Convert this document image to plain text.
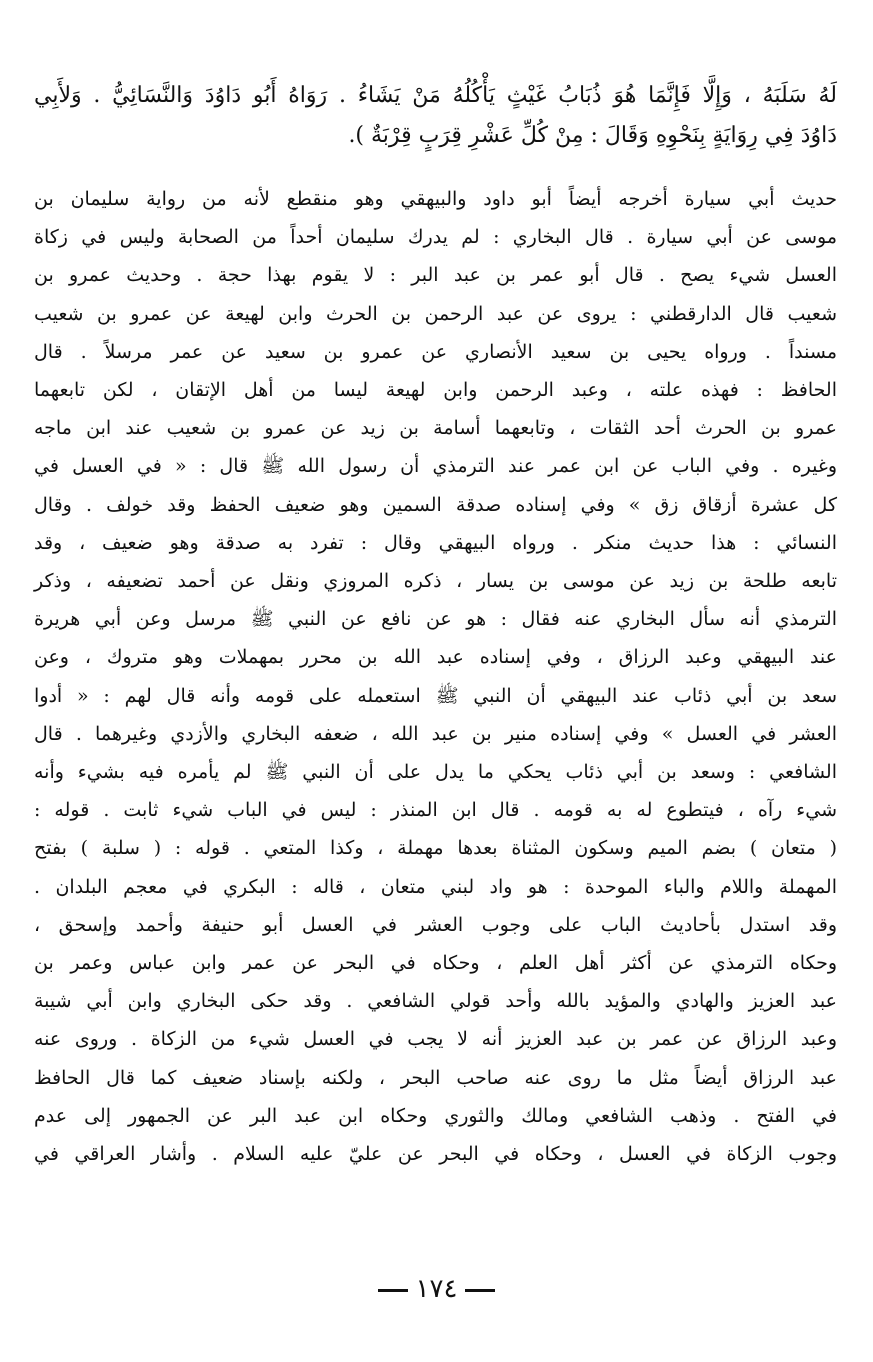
لَهُ سَلَبَهُ ، وَإِلَّا فَإِنَّمَا هُوَ ذُبَابُ غَيْثٍ يَأْكُلُهُ مَنْ يَشَاءُ . رَوَاهُ أَبُو دَاوُدَ وَالنَّسَائِيُّ . وَلأَبِي
دَاوُدَ فِي رِوَايَةٍ بِنَحْوِهِ وَقَالَ : مِنْ كُلِّ عَشْرِ قِرَبٍ قِرْبَةٌ ).
حديث أبي سيارة أخرجه أيضاً أبو داود والبيهقي وهو منقطع لأنه من رواية سليمان بن
موسى عن أبي سيارة . قال البخاري : لم يدرك سليمان أحداً من الصحابة وليس في زكاة
العسل شيء يصح . قال أبو عمر بن عبد البر : لا يقوم بهذا حجة . وحديث عمرو بن
شعيب قال الدارقطني : يروى عن عبد الرحمن بن الحرث وابن لهيعة عن عمرو بن شعيب
مسنداً . ورواه يحيى بن سعيد الأنصاري عن عمرو بن سعيد عن عمر مرسلاً . قال
الحافظ : فهذه علته ، وعبد الرحمن وابن لهيعة ليسا من أهل الإتقان ، لكن تابعهما
عمرو بن الحرث أحد الثقات ، وتابعهما أسامة بن زيد عن عمرو بن شعيب عند ابن ماجه
وغيره . وفي الباب عن ابن عمر عند الترمذي أن رسول الله ﷺ قال : « في العسل في
كل عشرة أزقاق زق » وفي إسناده صدقة السمين وهو ضعيف الحفظ وقد خولف . وقال
النسائي : هذا حديث منكر . ورواه البيهقي وقال : تفرد به صدقة وهو ضعيف ، وقد
تابعه طلحة بن زيد عن موسى بن يسار ، ذكره المروزي ونقل عن أحمد تضعيفه ، وذكر
الترمذي أنه سأل البخاري عنه فقال : هو عن نافع عن النبي ﷺ مرسل وعن أبي هريرة
عند البيهقي وعبد الرزاق ، وفي إسناده عبد الله بن محرر بمهملات وهو متروك ، وعن
سعد بن أبي ذئاب عند البيهقي أن النبي ﷺ استعمله على قومه وأنه قال لهم : « أدوا
العشر في العسل » وفي إسناده منير بن عبد الله ، ضعفه البخاري والأزدي وغيرهما . قال
الشافعي : وسعد بن أبي ذئاب يحكي ما يدل على أن النبي ﷺ لم يأمره فيه بشيء وأنه
شيء رآه ، فيتطوع له به قومه . قال ابن المنذر : ليس في الباب شيء ثابت . قوله :
( متعان ) بضم الميم وسكون المثناة بعدها مهملة ، وكذا المتعي . قوله : ( سلبة ) بفتح
المهملة واللام والباء الموحدة : هو واد لبني متعان ، قاله : البكري في معجم البلدان .
وقد استدل بأحاديث الباب على وجوب العشر في العسل أبو حنيفة وأحمد وإسحق ،
وحكاه الترمذي عن أكثر أهل العلم ، وحكاه في البحر عن عمر وابن عباس وعمر بن
عبد العزيز والهادي والمؤيد بالله وأحد قولي الشافعي . وقد حكى البخاري وابن أبي شيبة
وعبد الرزاق عن عمر بن عبد العزيز أنه لا يجب في العسل شيء من الزكاة . وروى عنه
عبد الرزاق أيضاً مثل ما روى عنه صاحب البحر ، ولكنه بإسناد ضعيف كما قال الحافظ
في الفتح . وذهب الشافعي ومالك والثوري وحكاه ابن عبد البر عن الجمهور إلى عدم
وجوب الزكاة في العسل ، وحكاه في البحر عن عليّ عليه السلام . وأشار العراقي في
١٧٤
